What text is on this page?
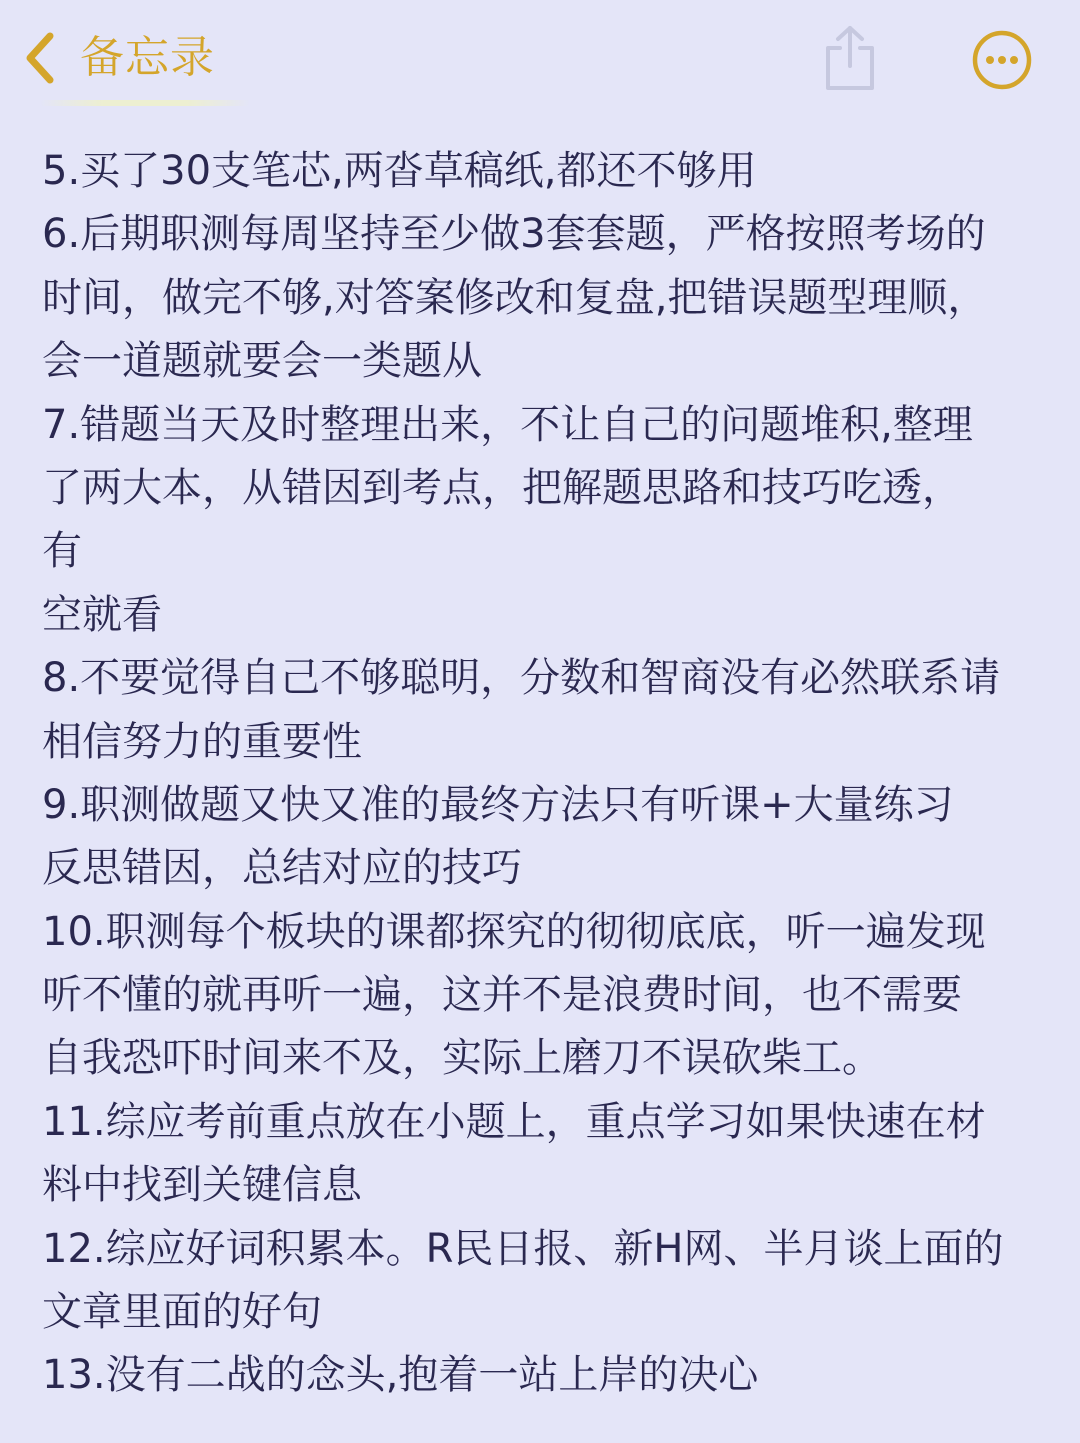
备忘录
5.买了30支笔芯,两沓草稿纸,都还不够用
6.后期职测每周坚持至少做3套套题，严格按照考场的
时间，做完不够,对答案修改和复盘,把错误题型理顺，
会一道题就要会一类题从
7.错题当天及时整理出来，不让自己的问题堆积,整理
了两大本，从错因到考点，把解题思路和技巧吃透，
有
空就看
8.不要觉得自己不够聪明，分数和智商没有必然联系请
相信努力的重要性
9.职测做题又快又准的最终方法只有听课+大量练习
反思错因，总结对应的技巧
10.职测每个板块的课都探究的彻彻底底，听一遍发现
听不懂的就再听一遍，这并不是浪费时间，也不需要
自我恐吓时间来不及，实际上磨刀不误砍柴工。
11.综应考前重点放在小题上，重点学习如果快速在材
料中找到关键信息
12.综应好词积累本。R民日报、新H网、半月谈上面的
文章里面的好句
13.没有二战的念头,抱着一站上岸的决心
